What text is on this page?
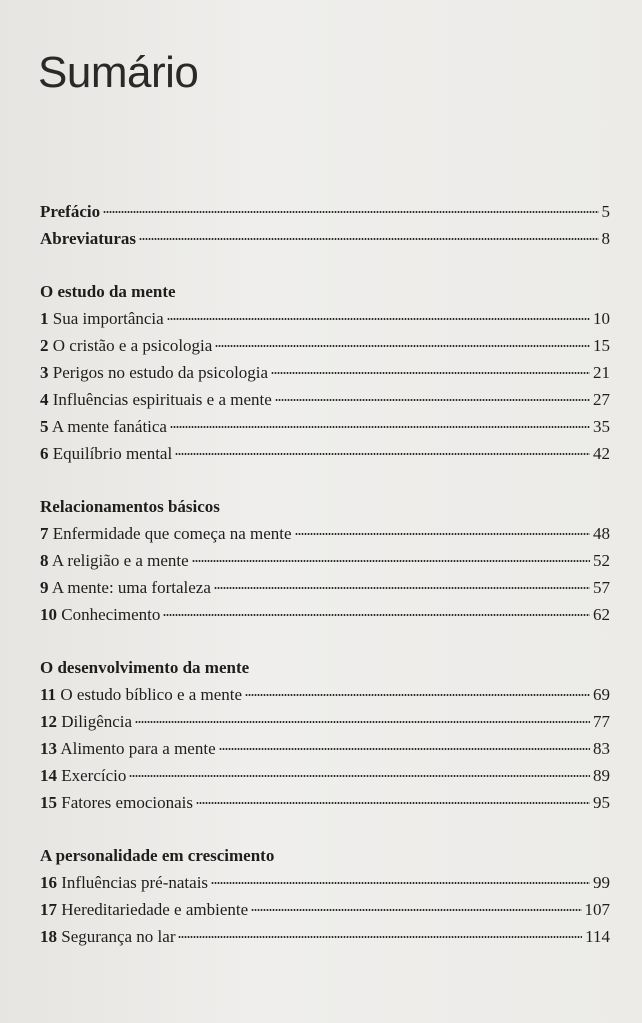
Sumário
Prefácio	5
Abreviaturas	8
O estudo da mente
1 Sua importância	10
2 O cristão e a psicologia	15
3 Perigos no estudo da psicologia	21
4 Influências espirituais e a mente	27
5 A mente fanática	35
6 Equilíbrio mental	42
Relacionamentos básicos
7 Enfermidade que começa na mente	48
8 A religião e a mente	52
9 A mente: uma fortaleza	57
10 Conhecimento	62
O desenvolvimento da mente
11 O estudo bíblico e a mente	69
12 Diligência	77
13 Alimento para a mente	83
14 Exercício	89
15 Fatores emocionais	95
A personalidade em crescimento
16 Influências pré-natais	99
17 Hereditariedade e ambiente	107
18 Segurança no lar	114
